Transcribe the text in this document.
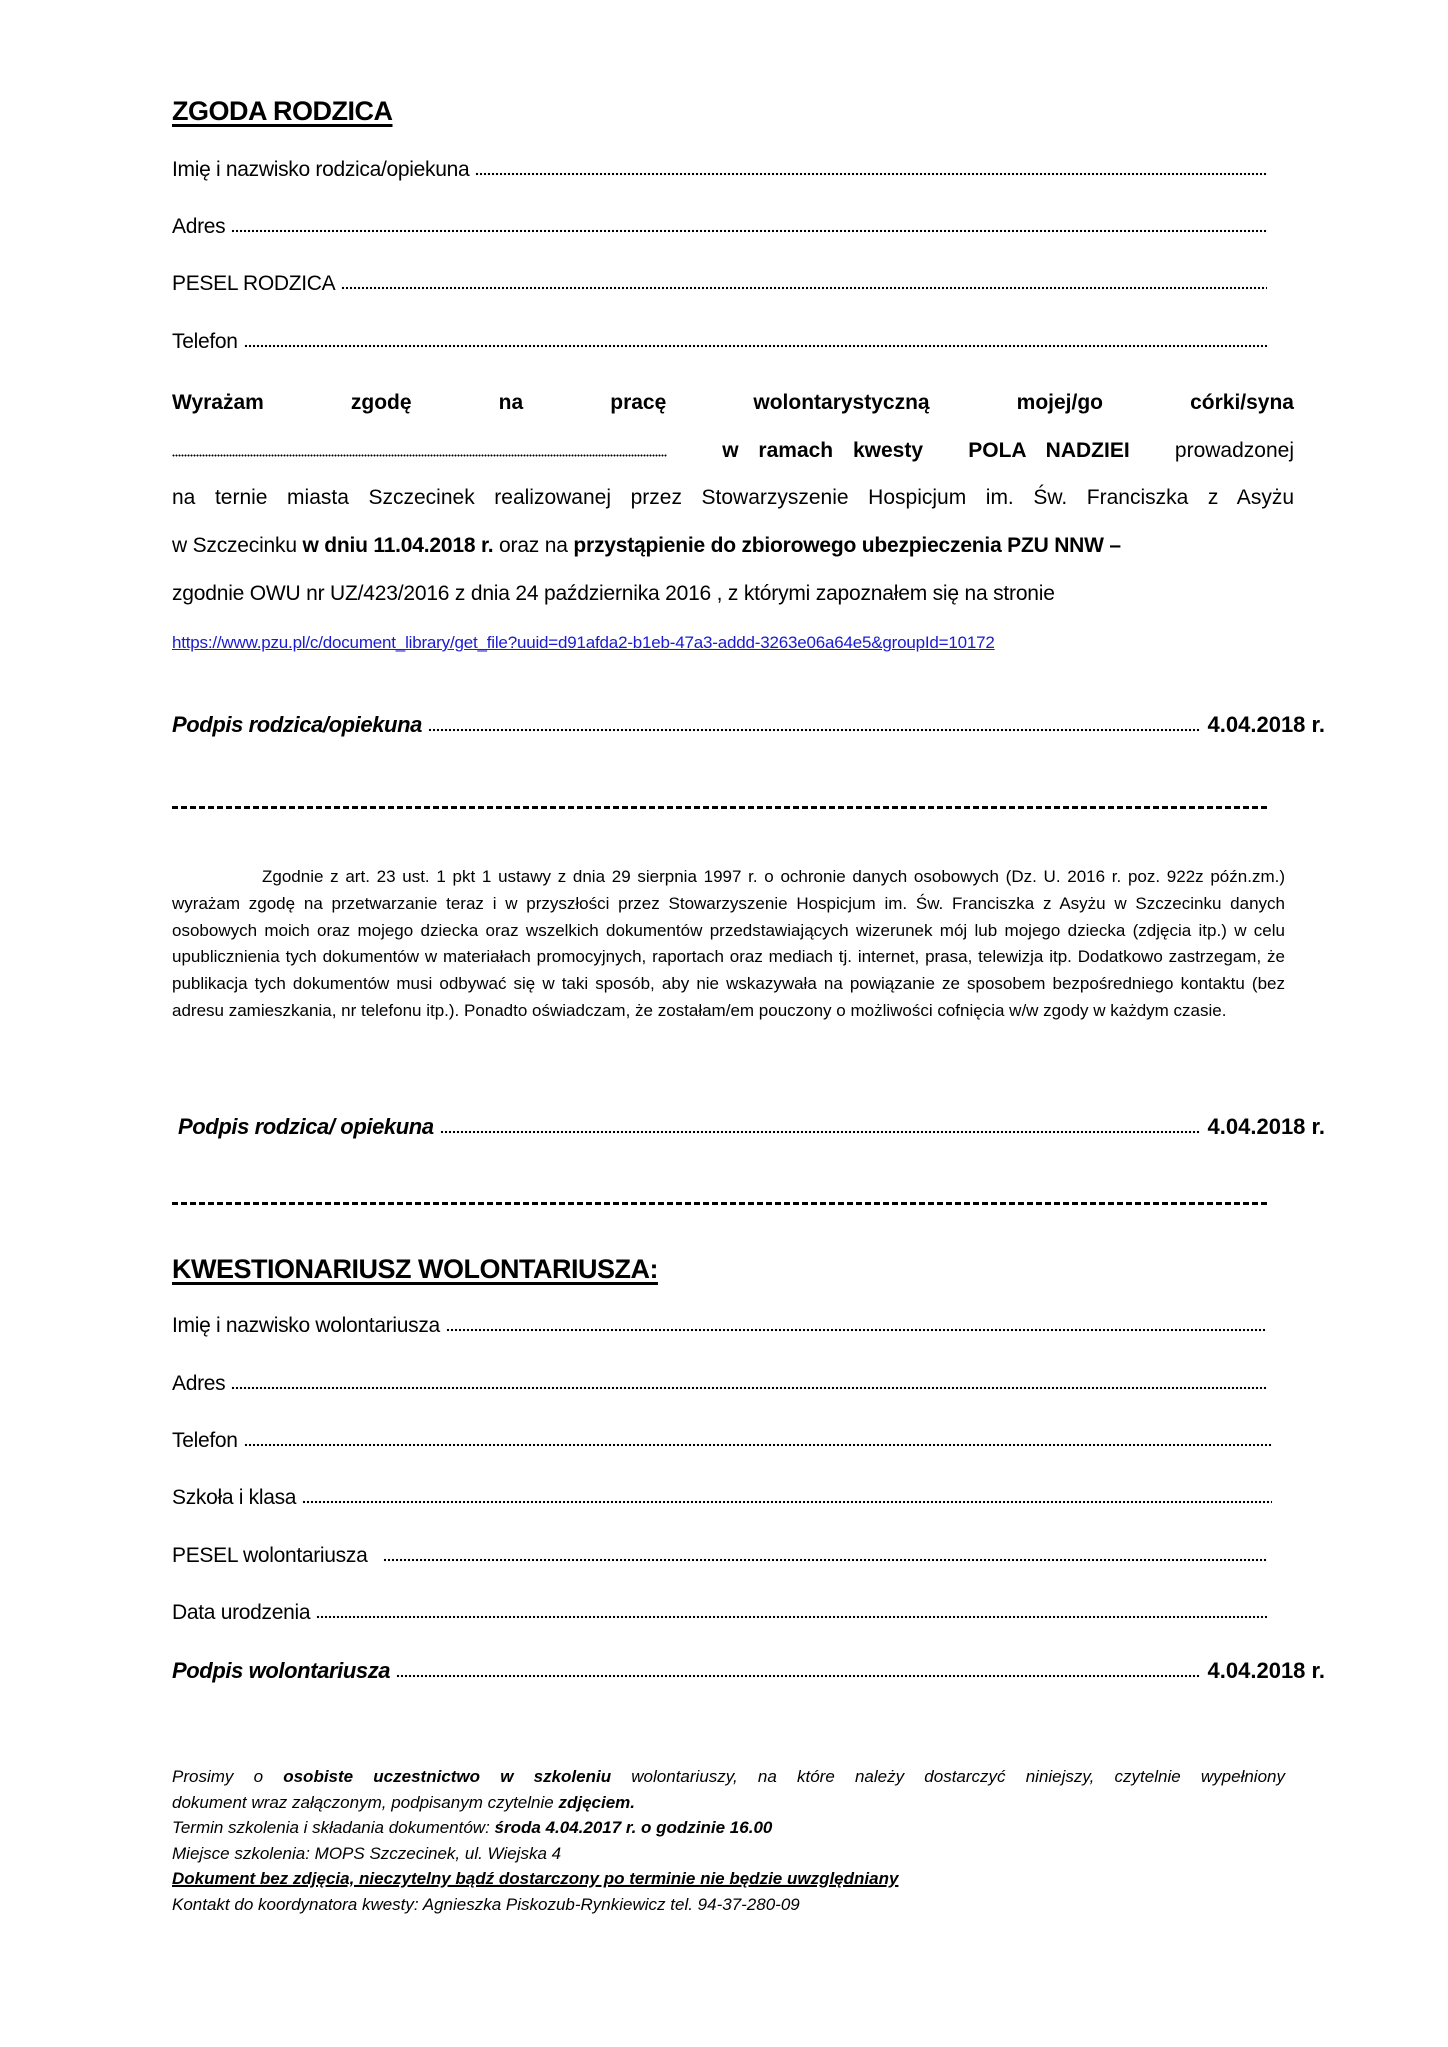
ZGODA RODZICA
Imię i nazwisko rodzica/opiekuna
Adres
PESEL RODZICA
Telefon
Wyrażam	zgodę	na	pracę	wolontarystyczną	mojej/go	córki/syna
w ramach kwesty POLA NADZIEI prowadzonej
na ternie miasta Szczecinek realizowanej przez Stowarzyszenie Hospicjum im. Św. Franciszka z Asyżu
w Szczecinku w dniu 11.04.2018 r. oraz na przystąpienie do zbiorowego ubezpieczenia PZU NNW –
zgodnie OWU nr UZ/423/2016 z dnia 24 października 2016 , z którymi zapoznałem się na stronie
https://www.pzu.pl/c/document_library/get_file?uuid=d91afda2-b1eb-47a3-addd-3263e06a64e5&groupId=10172
Podpis rodzica/opiekuna	4.04.2018 r.
Zgodnie z art. 23 ust. 1 pkt 1 ustawy z dnia 29 sierpnia 1997 r. o ochronie danych osobowych (Dz. U. 2016 r. poz. 922z późn.zm.) wyrażam zgodę na przetwarzanie teraz i w przyszłości przez Stowarzyszenie Hospicjum im. Św. Franciszka z Asyżu w Szczecinku danych osobowych moich oraz mojego dziecka oraz wszelkich dokumentów przedstawiających wizerunek mój lub mojego dziecka (zdjęcia itp.) w celu upublicznienia tych dokumentów w materiałach promocyjnych, raportach oraz mediach tj. internet, prasa, telewizja itp. Dodatkowo zastrzegam, że publikacja tych dokumentów musi odbywać się w taki sposób, aby nie wskazywała na powiązanie ze sposobem bezpośredniego kontaktu (bez adresu zamieszkania, nr telefonu itp.). Ponadto oświadczam, że zostałam/em pouczony o możliwości cofnięcia w/w zgody w każdym czasie.
Podpis rodzica/ opiekuna	4.04.2018 r.
KWESTIONARIUSZ WOLONTARIUSZA:
Imię i nazwisko wolontariusza
Adres
Telefon
Szkoła i klasa
PESEL wolontariusza
Data urodzenia
Podpis wolontariusza	4.04.2018 r.
Prosimy o osobiste uczestnictwo w szkoleniu wolontariuszy, na które należy dostarczyć niniejszy, czytelnie wypełniony
dokument wraz załączonym, podpisanym czytelnie zdjęciem.
Termin szkolenia i składania dokumentów: środa 4.04.2017 r. o godzinie 16.00
Miejsce szkolenia: MOPS Szczecinek, ul. Wiejska 4
Dokument bez zdjęcia, nieczytelny bądź dostarczony po terminie nie będzie uwzględniany
Kontakt do koordynatora kwesty: Agnieszka Piskozub-Rynkiewicz tel. 94-37-280-09
